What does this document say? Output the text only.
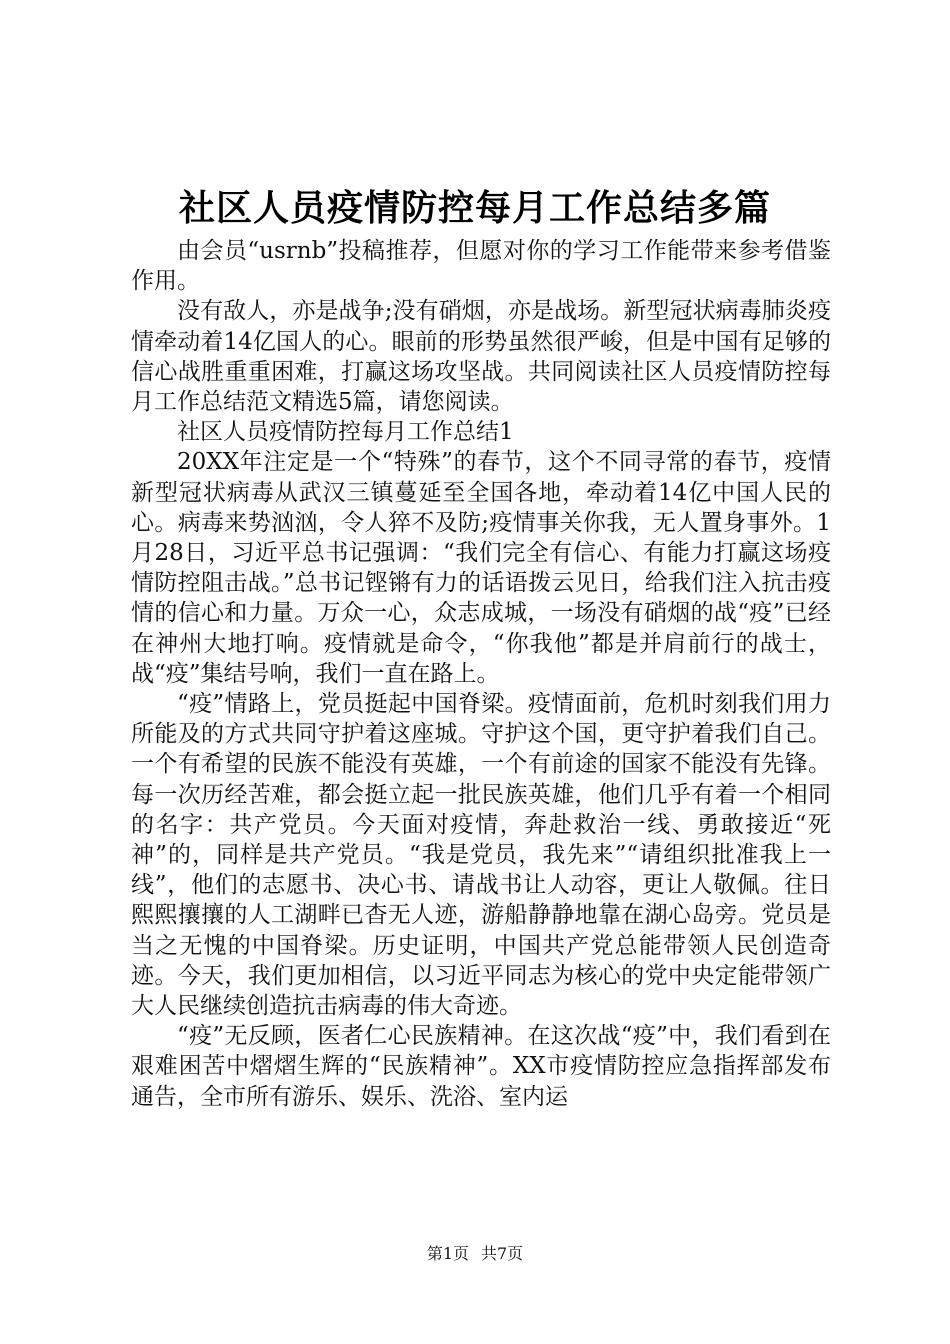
社区人员疫情防控每月工作总结多篇

由会员“usrnb”投稿推荐，但愿对你的学习工作能带来参考借鉴作用。

没有敌人，亦是战争;没有硝烟，亦是战场。新型冠状病毒肺炎疫情牵动着14亿国人的心。眼前的形势虽然很严峻，但是中国有足够的信心战胜重重困难，打赢这场攻坚战。共同阅读社区人员疫情防控每月工作总结范文精选5篇，请您阅读。

社区人员疫情防控每月工作总结1

20XX年注定是一个“特殊”的春节，这个不同寻常的春节，疫情新型冠状病毒从武汉三镇蔓延至全国各地，牵动着14亿中国人民的心。病毒来势汹汹，令人猝不及防;疫情事关你我，无人置身事外。1月28日，习近平总书记强调：“我们完全有信心、有能力打赢这场疫情防控阻击战。”总书记铿锵有力的话语拨云见日，给我们注入抗击疫情的信心和力量。万众一心，众志成城，一场没有硝烟的战“疫”已经在神州大地打响。疫情就是命令，“你我他”都是并肩前行的战士，战“疫”集结号响，我们一直在路上。

“疫”情路上，党员挺起中国脊梁。疫情面前，危机时刻我们用力所能及的方式共同守护着这座城。守护这个国，更守护着我们自己。一个有希望的民族不能没有英雄，一个有前途的国家不能没有先锋。每一次历经苦难，都会挺立起一批民族英雄，他们几乎有着一个相同的名字：共产党员。今天面对疫情，奔赴救治一线、勇敢接近“死神”的，同样是共产党员。“我是党员，我先来”“请组织批准我上一线”，他们的志愿书、决心书、请战书让人动容，更让人敬佩。往日熙熙攘攘的人工湖畔已杳无人迹，游船静静地靠在湖心岛旁。党员是当之无愧的中国脊梁。历史证明，中国共产党总能带领人民创造奇迹。今天，我们更加相信，以习近平同志为核心的党中央定能带领广大人民继续创造抗击病毒的伟大奇迹。

“疫”无反顾，医者仁心民族精神。在这次战“疫”中，我们看到在艰难困苦中熠熠生辉的“民族精神”。XX市疫情防控应急指挥部发布通告，全市所有游乐、娱乐、洗浴、室内运

第1页 共7页
